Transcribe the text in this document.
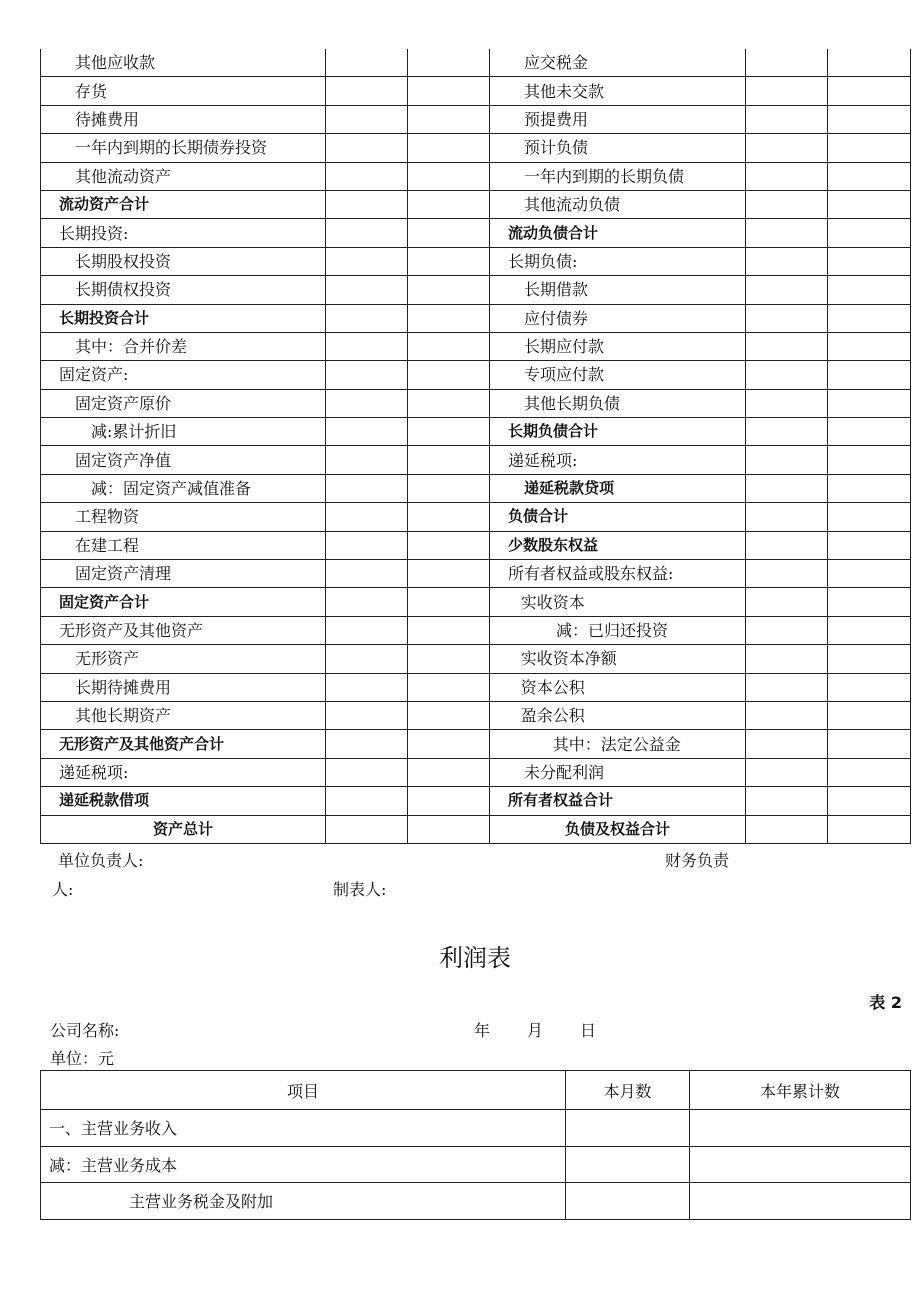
其他应收款			应交税金		
存货			其他未交款		
待摊费用			预提费用		
一年内到期的长期债券投资			预计负债		
其他流动资产			一年内到期的长期负债		
流动资产合计			其他流动负债		
长期投资:			流动负债合计		
长期股权投资			长期负债:		
长期债权投资			长期借款		
长期投资合计			应付债券		
其中：合并价差			长期应付款		
固定资产:			专项应付款		
固定资产原价			其他长期负债		
减:累计折旧			长期负债合计		
固定资产净值			递延税项:		
减：固定资产减值准备			递延税款贷项		
工程物资			负债合计		
在建工程			少数股东权益		
固定资产清理			所有者权益或股东权益:		
固定资产合计			实收资本		
无形资产及其他资产			减：已归还投资		
无形资产			实收资本净额		
长期待摊费用			资本公积		
其他长期资产			盈余公积		
无形资产及其他资产合计			其中：法定公益金		
递延税项:			未分配利润		
递延税款借项			所有者权益合计		
资产总计			负债及权益合计		
单位负责人:	财务负责
人:	制表人:
利润表
表 2
公司名称:	年 月 日
单位：元
项目	本月数	本年累计数
一、主营业务收入		
减：主营业务成本		
主营业务税金及附加		
